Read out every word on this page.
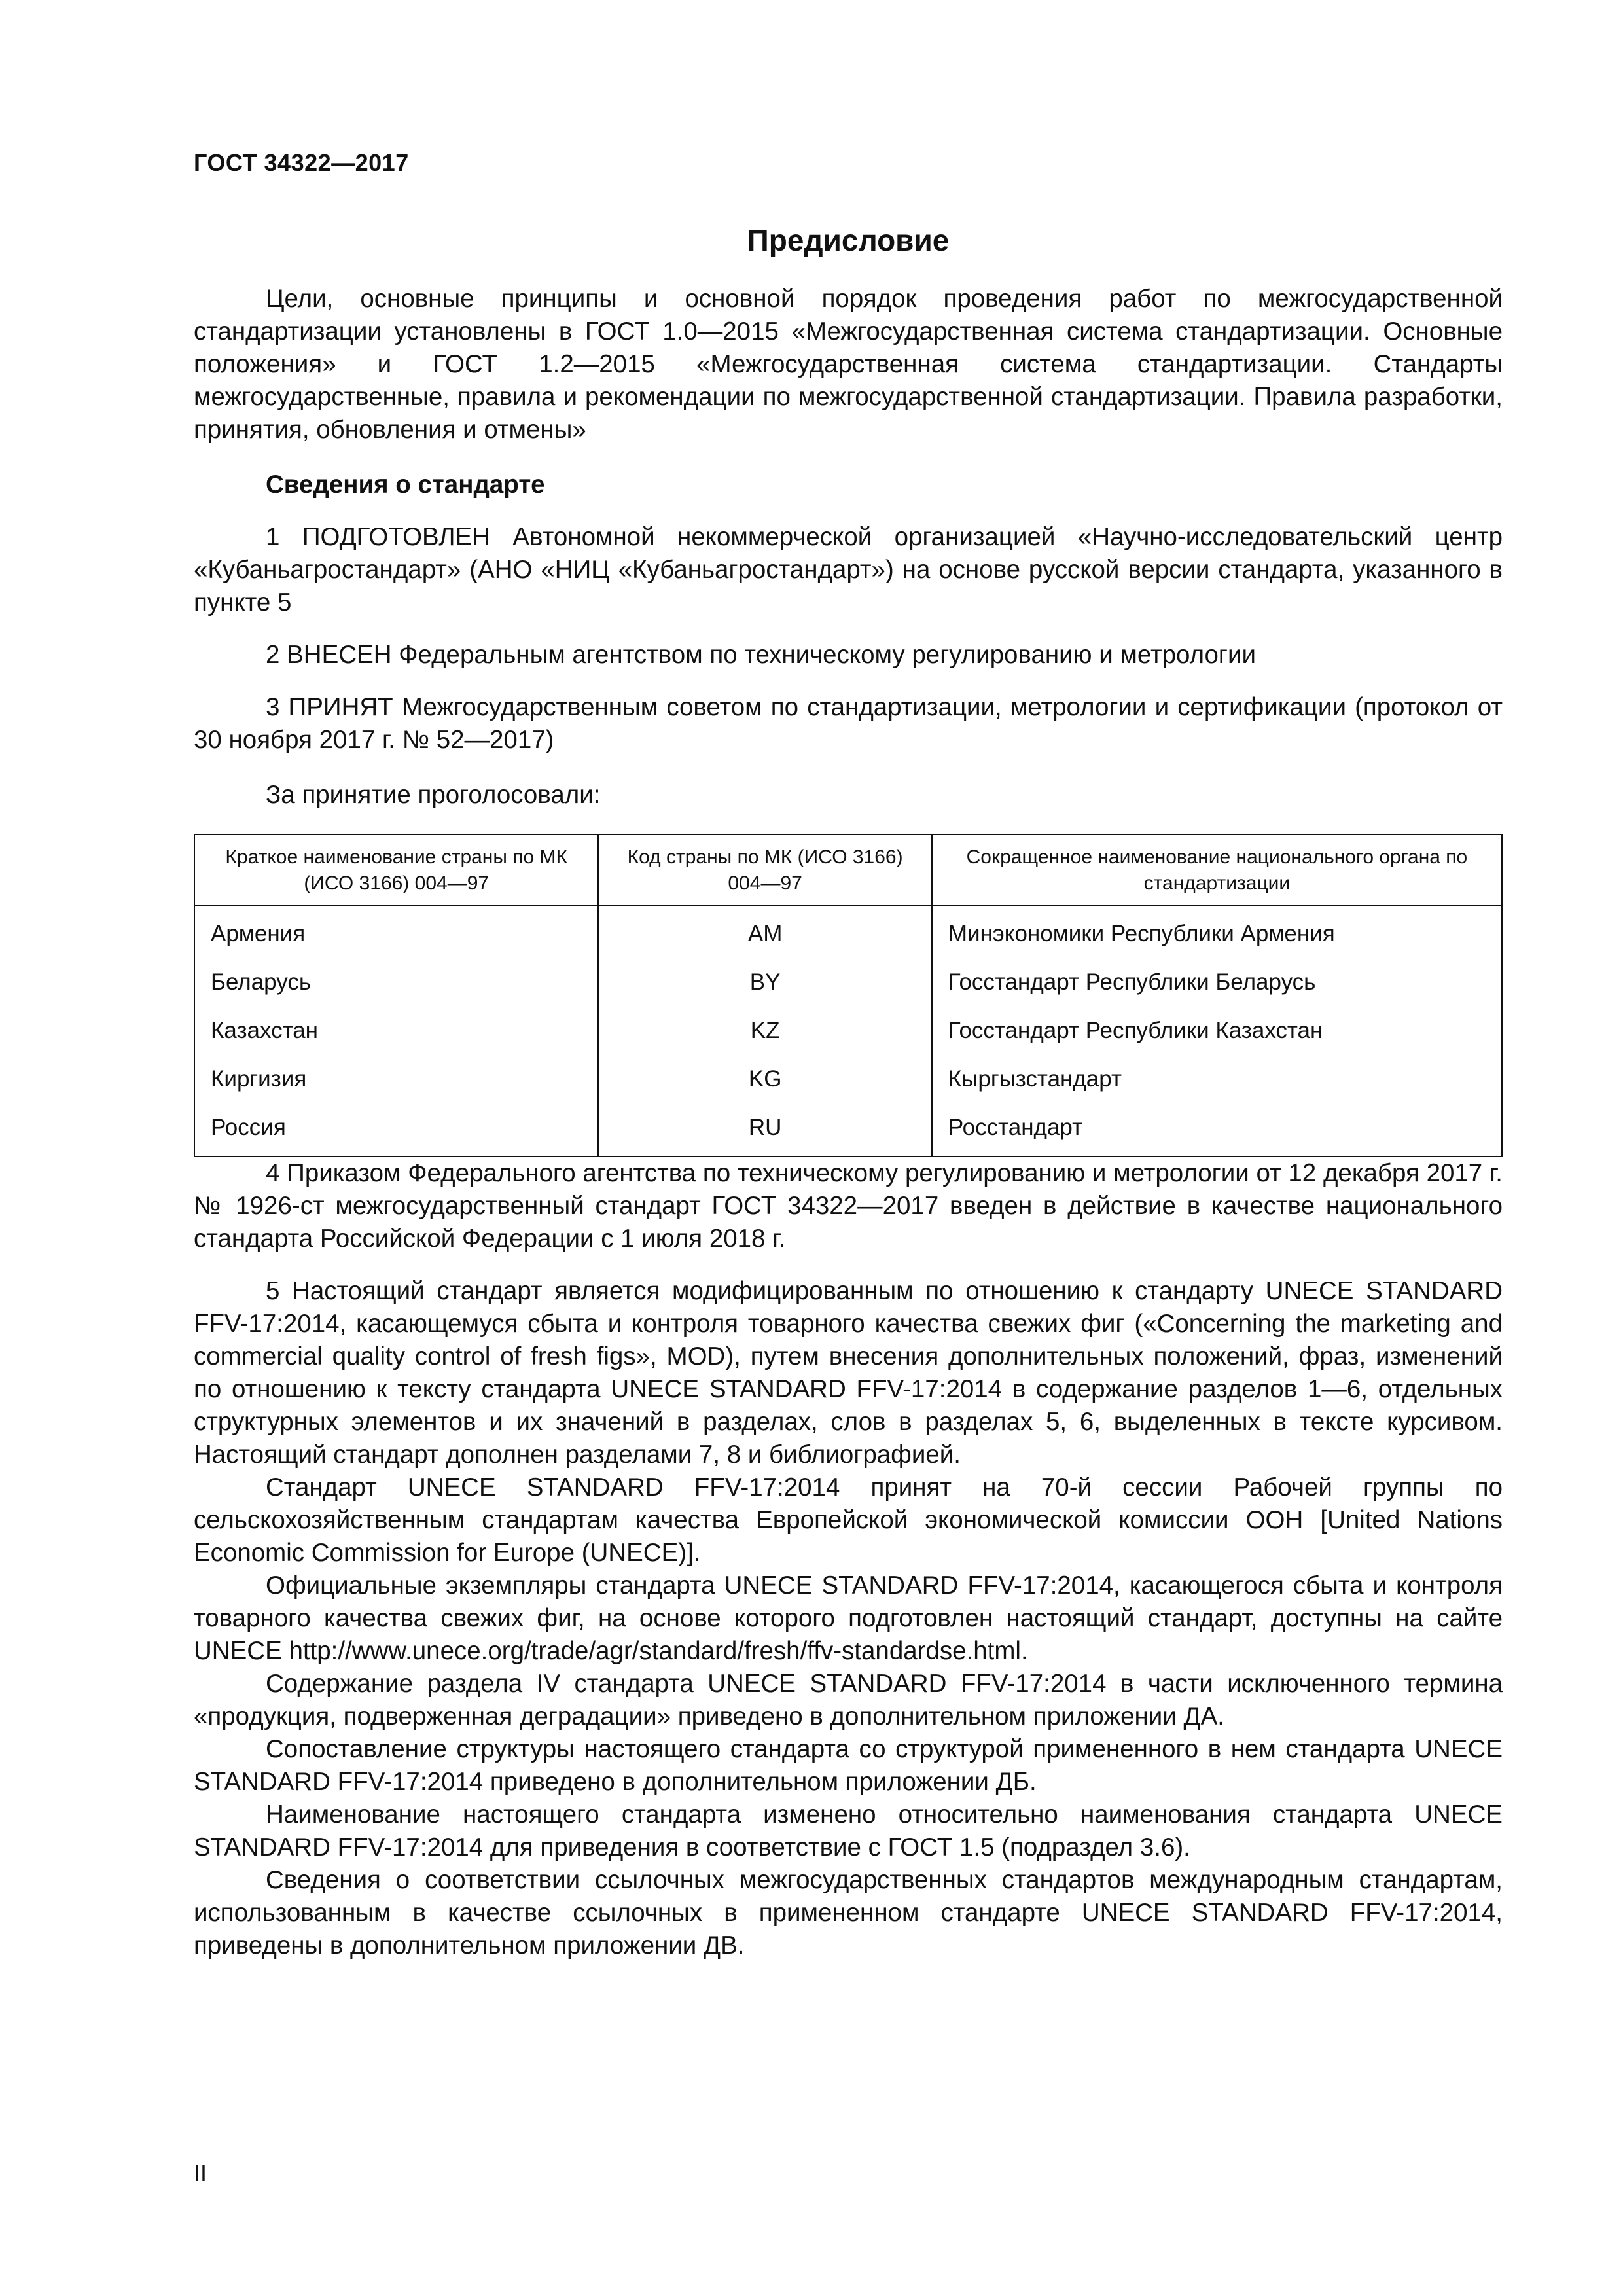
ГОСТ 34322—2017
Предисловие

Цели, основные принципы и основной порядок проведения работ по межгосударственной стандартизации установлены в ГОСТ 1.0—2015 «Межгосударственная система стандартизации. Основные положения» и ГОСТ 1.2—2015 «Межгосударственная система стандартизации. Стандарты межгосударственные, правила и рекомендации по межгосударственной стандартизации. Правила разработки, принятия, обновления и отмены»

Сведения о стандарте

1 ПОДГОТОВЛЕН Автономной некоммерческой организацией «Научно-исследовательский центр «Кубаньагростандарт» (АНО «НИЦ «Кубаньагростандарт») на основе русской версии стандарта, указанного в пункте 5

2 ВНЕСЕН Федеральным агентством по техническому регулированию и метрологии

3 ПРИНЯТ Межгосударственным советом по стандартизации, метрологии и сертификации (протокол от 30 ноября 2017 г. № 52—2017)

За принятие проголосовали:

Краткое наименование страны по МК (ИСО 3166) 004—97	Код страны по МК (ИСО 3166) 004—97	Сокращенное наименование национального органа по стандартизации
Армения	AM	Минэкономики Республики Армения
Беларусь	BY	Госстандарт Республики Беларусь
Казахстан	KZ	Госстандарт Республики Казахстан
Киргизия	KG	Кыргызстандарт
Россия	RU	Росстандарт

4 Приказом Федерального агентства по техническому регулированию и метрологии от 12 декабря 2017 г. № 1926-ст межгосударственный стандарт ГОСТ 34322—2017 введен в действие в качестве национального стандарта Российской Федерации с 1 июля 2018 г.

5 Настоящий стандарт является модифицированным по отношению к стандарту UNECE STANDARD FFV-17:2014, касающемуся сбыта и контроля товарного качества свежих фиг («Concerning the marketing and commercial quality control of fresh figs», MOD), путем внесения дополнительных положений, фраз, изменений по отношению к тексту стандарта UNECE STANDARD FFV-17:2014 в содержание разделов 1—6, отдельных структурных элементов и их значений в разделах, слов в разделах 5, 6, выделенных в тексте курсивом. Настоящий стандарт дополнен разделами 7, 8 и библиографией.

Стандарт UNECE STANDARD FFV-17:2014 принят на 70-й сессии Рабочей группы по сельскохозяйственным стандартам качества Европейской экономической комиссии ООН [United Nations Economic Commission for Europe (UNECE)].

Официальные экземпляры стандарта UNECE STANDARD FFV-17:2014, касающегося сбыта и контроля товарного качества свежих фиг, на основе которого подготовлен настоящий стандарт, доступны на сайте UNECE http://www.unece.org/trade/agr/standard/fresh/ffv-standardse.html.

Содержание раздела IV стандарта UNECE STANDARD FFV-17:2014 в части исключенного термина «продукция, подверженная деградации» приведено в дополнительном приложении ДА.

Сопоставление структуры настоящего стандарта со структурой примененного в нем стандарта UNECE STANDARD FFV-17:2014 приведено в дополнительном приложении ДБ.

Наименование настоящего стандарта изменено относительно наименования стандарта UNECE STANDARD FFV-17:2014 для приведения в соответствие с ГОСТ 1.5 (подраздел 3.6).

Сведения о соответствии ссылочных межгосударственных стандартов международным стандартам, использованным в качестве ссылочных в примененном стандарте UNECE STANDARD FFV-17:2014, приведены в дополнительном приложении ДВ.

II
